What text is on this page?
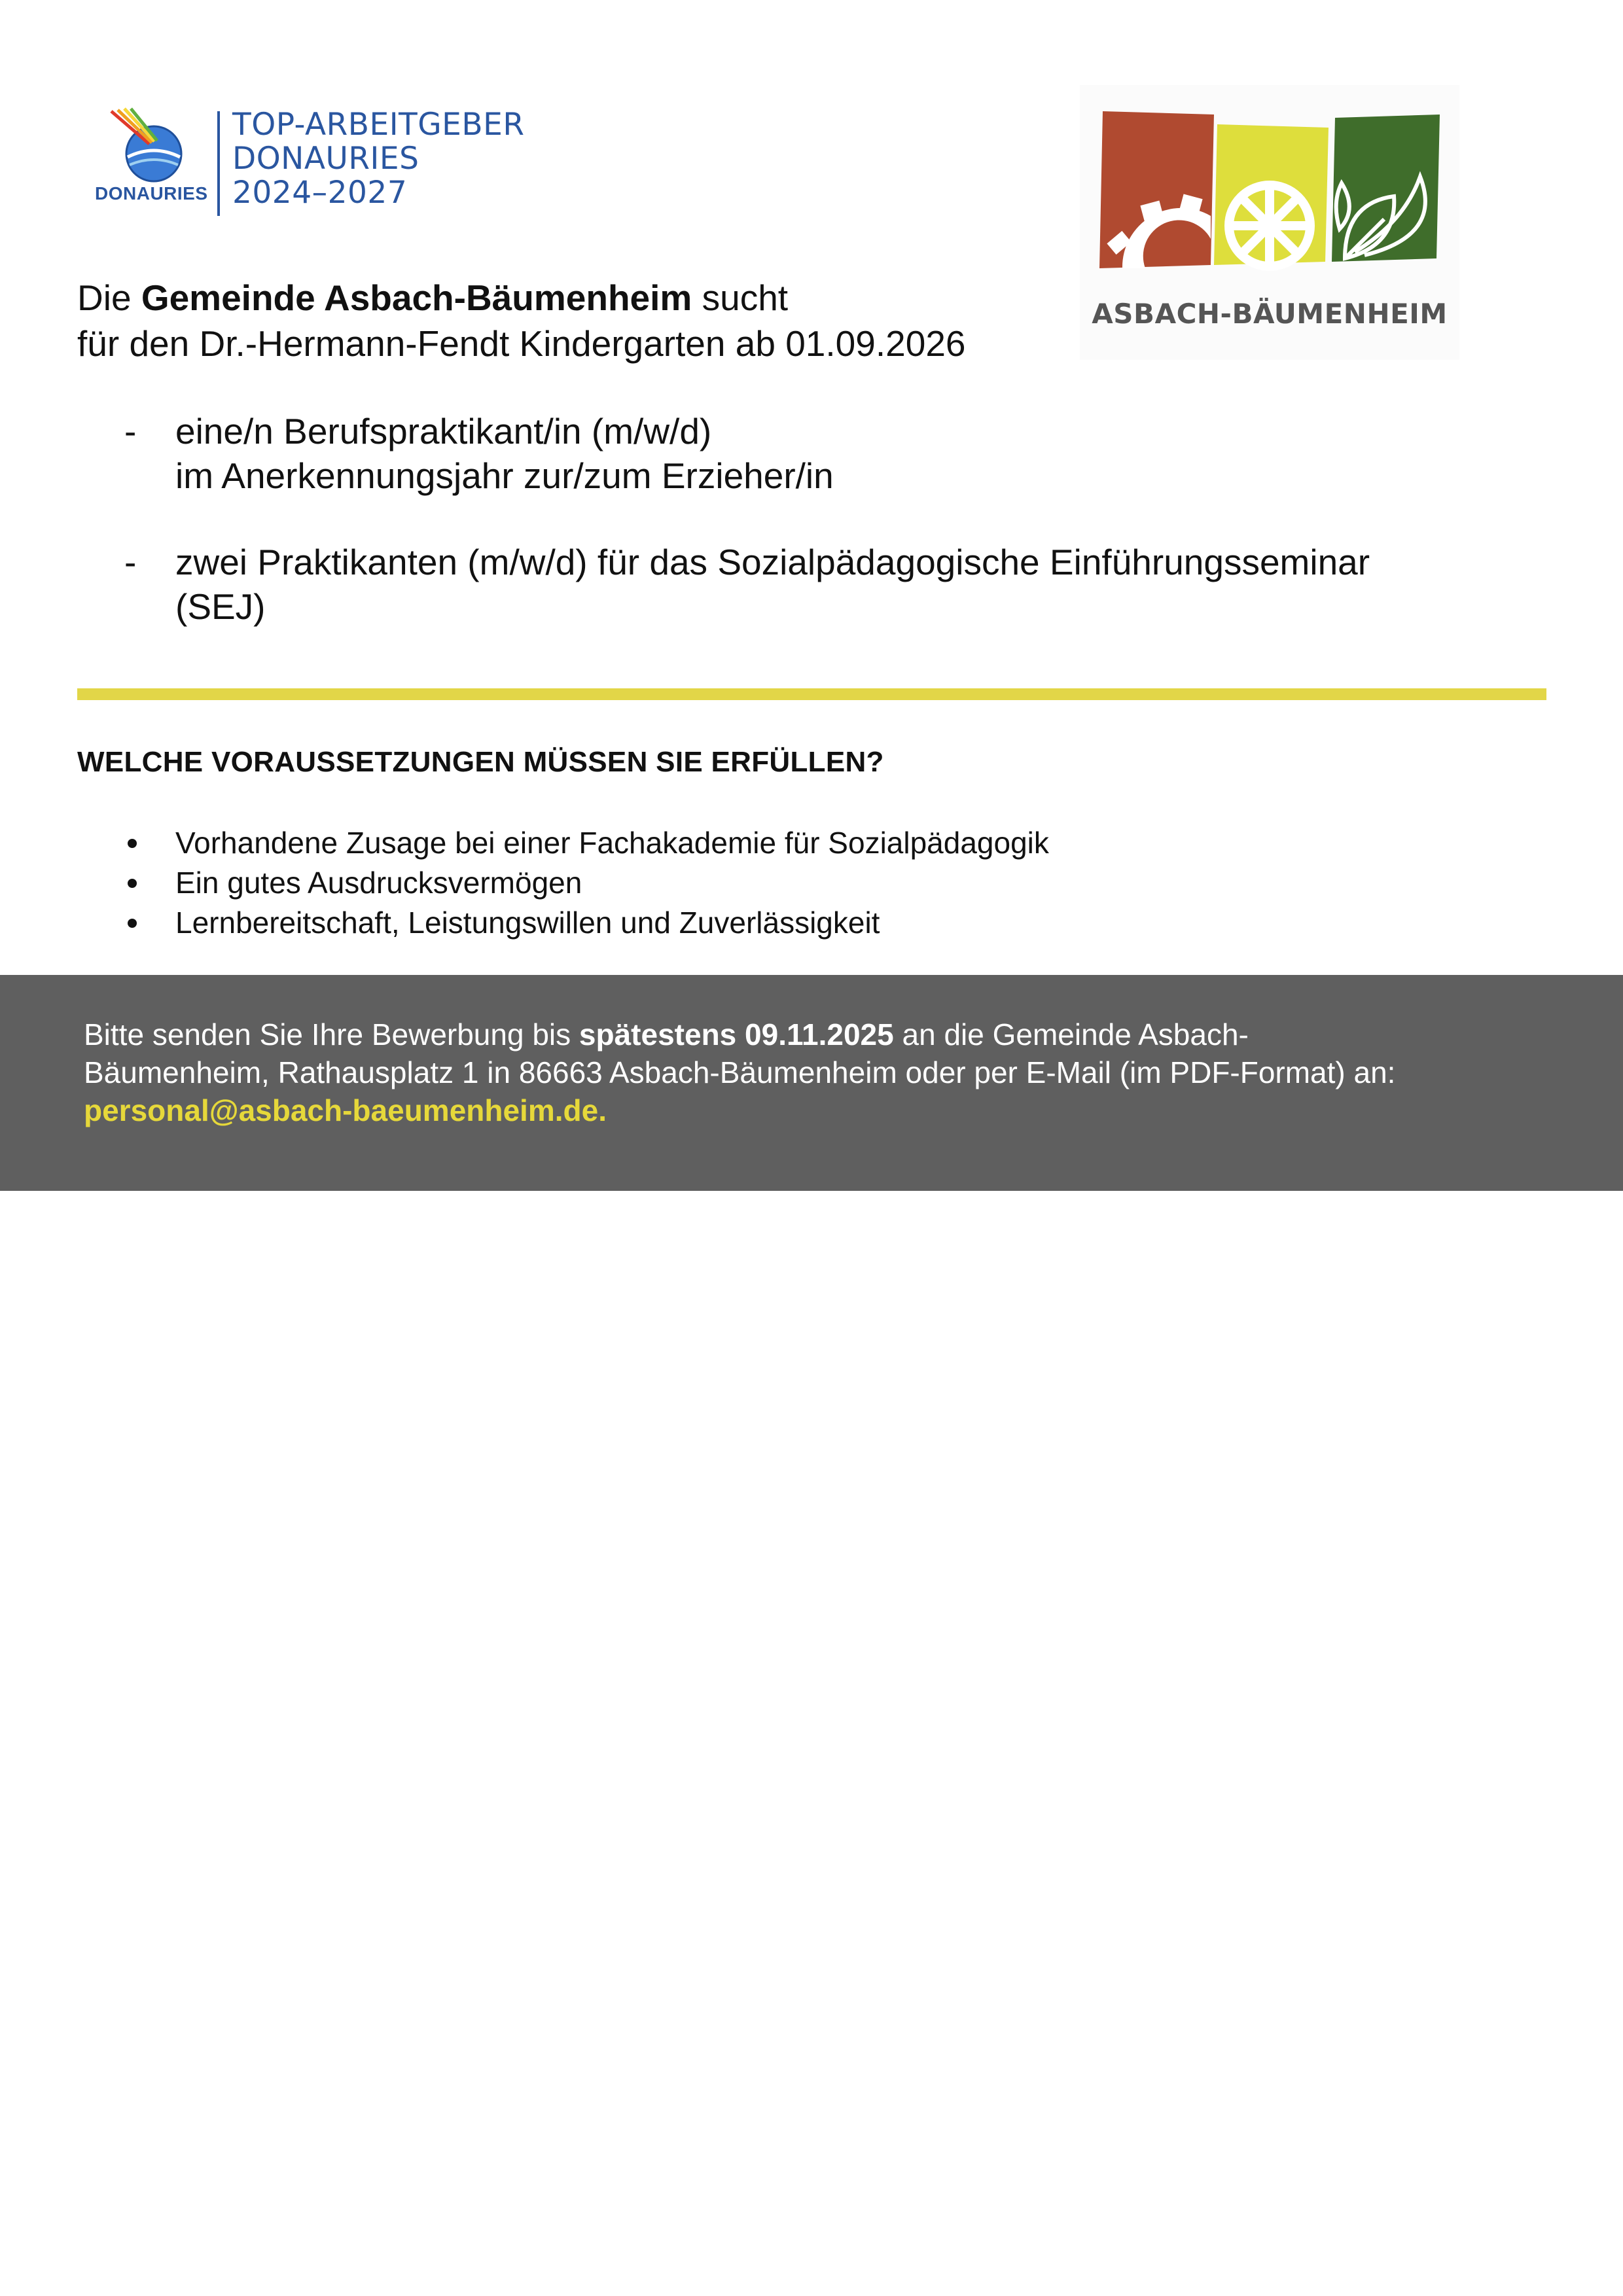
DONAURIES
TOP-ARBEITGEBER
DONAURIES
2024–2027
ASBACH-BÄUMENHEIM
Die Gemeinde Asbach-Bäumenheim sucht
für den Dr.-Hermann-Fendt Kindergarten ab 01.09.2026
- eine/n Berufspraktikant/in (m/w/d)
im Anerkennungsjahr zur/zum Erzieher/in
- zwei Praktikanten (m/w/d) für das Sozialpädagogische Einführungsseminar
(SEJ)
WELCHE VORAUSSETZUNGEN MÜSSEN SIE ERFÜLLEN?
Vorhandene Zusage bei einer Fachakademie für Sozialpädagogik
Ein gutes Ausdrucksvermögen
Lernbereitschaft, Leistungswillen und Zuverlässigkeit
Bitte senden Sie Ihre Bewerbung bis spätestens 09.11.2025 an die Gemeinde Asbach-
Bäumenheim, Rathausplatz 1 in 86663 Asbach-Bäumenheim oder per E-Mail (im PDF-Format) an:
personal@asbach-baeumenheim.de.
